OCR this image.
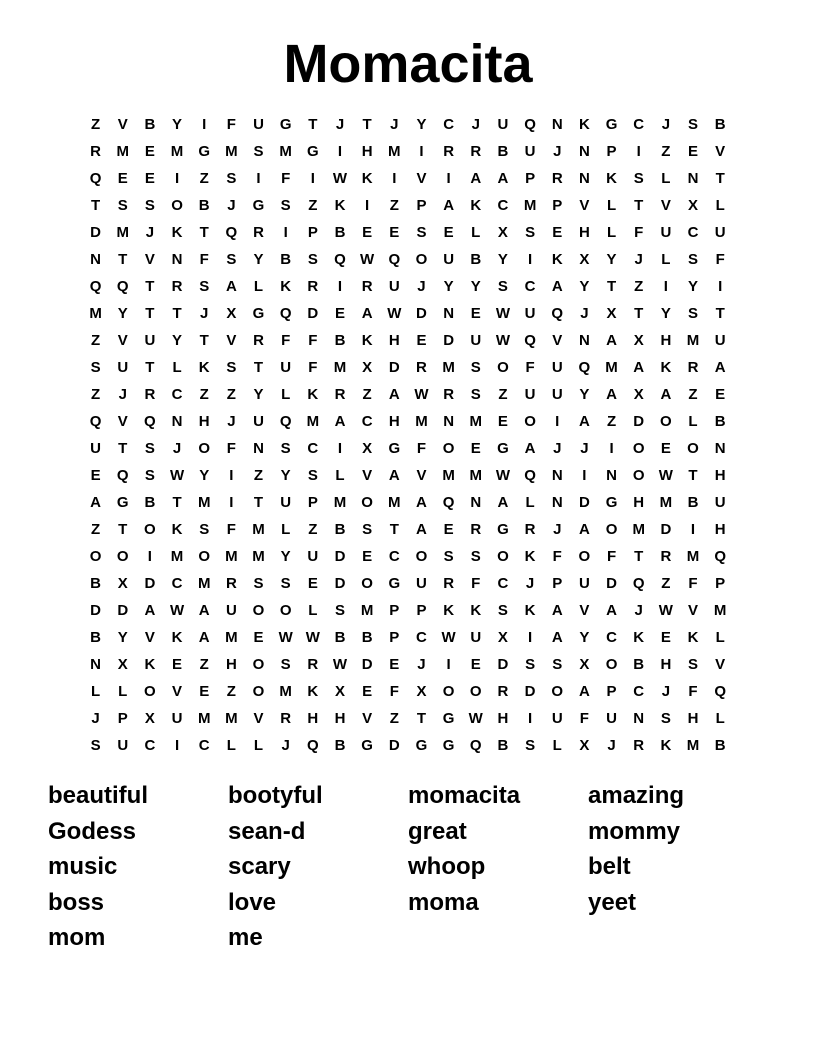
Momacita
Z	V	B	Y	I	F	U	G	T	J	T	J	Y	C	J	U	Q	N	K	G	C	J	S	B
R	M	E	M	G	M	S	M	G	I	H	M	I	R	R	B	U	J	N	P	I	Z	E	V
Q	E	E	I	Z	S	I	F	I	W K	I	V	I	A	A	P	R	N	K	S	L	N	T
T	S	S	O	B	J	G	S	Z	K	I	Z	P	A	K	C	M	P	V	L	T	V	X	L
D	M	J	K	T	Q	R	I	P	B	E	E	S	E	L	X	S	E	H	L	F	U	C	U
N	T	V	N	F	S	Y	B	S	Q W Q	O	U	B	Y	I	K	X	Y	J	L	S	F
Q	Q	T	R	S	A	L	K	R	I	R	U	J	Y	Y	S	C	A	Y	T	Z	I	Y	I
M	Y	T	T	J	X	G	Q	D	E	A W D	N	E	W U	Q	J	X	T	Y	S	T
Z	V	U	Y	T	V	R	F	F	B	K	H	E	D	U W Q	V	N	A	X	H	M	U
S	U	T	L	K	S	T	U	F	M	X	D	R	M	S	O	F	U	Q	M	A	K	R	A
Z	J	R	C	Z	Z	Y	L	K	R	Z	A W R	S	Z	U	U	Y	A	X	A	Z	E
Q	V	Q	N	H	J	U	Q	M	A	C	H	M	N	M	E	O	I	A	Z	D	O	L	B
U	T	S	J	O	F	N	S	C	I	X	G	F	O	E	G	A	J	J	I	O	E	O	N
E	Q	S	W	Y	I	Z	Y	S	L	V	A	V	M M W Q	N	I	N	O W	T	H
A	G	B	T	M	I	T	U	P	M	O	M	A	Q	N	A	L	N	D	G	H	M	B	U
Z	T	O	K	S	F	M	L	Z	B	S	T	A	E	R	G	R	J	A	O	M	D	I	H
O	O	I	M	O	M M	Y	U	D	E	C	O	S	S	O	K	F	O	F	T	R	M	Q
B	X	D	C	M	R	S	S	E	D	O	G	U	R	F	C	J	P	U	D	Q	Z	F	P
D	D	A W A	U	O	O	L	S	M	P	P	K	K	S	K	A	V	A	J	W	V	M
B	Y	V	K	A	M	E	W W B	B	P	C W U	X	I	A	Y	C	K	E	K	L
N	X	K	E	Z	H	O	S	R W D	E	J	I	E	D	S	S	X	O	B	H	S	V
L	L	O	V	E	Z	O	M	K	X	E	F	X	O	O	R	D	O	A	P	C	J	F	Q
J	P	X	U	M M	V	R	H	H	V	Z	T	G W H	I	U	F	U	N	S	H	L
S	U	C	I	C	L	L	J	Q	B	G	D	G	G	Q	B	S	L	X	J	R	K	M	B
beautiful	bootyful	momacita	amazing
Godess	sean-d	great	mommy
music	scary	whoop	belt
boss	love	moma	yeet
mom	me
